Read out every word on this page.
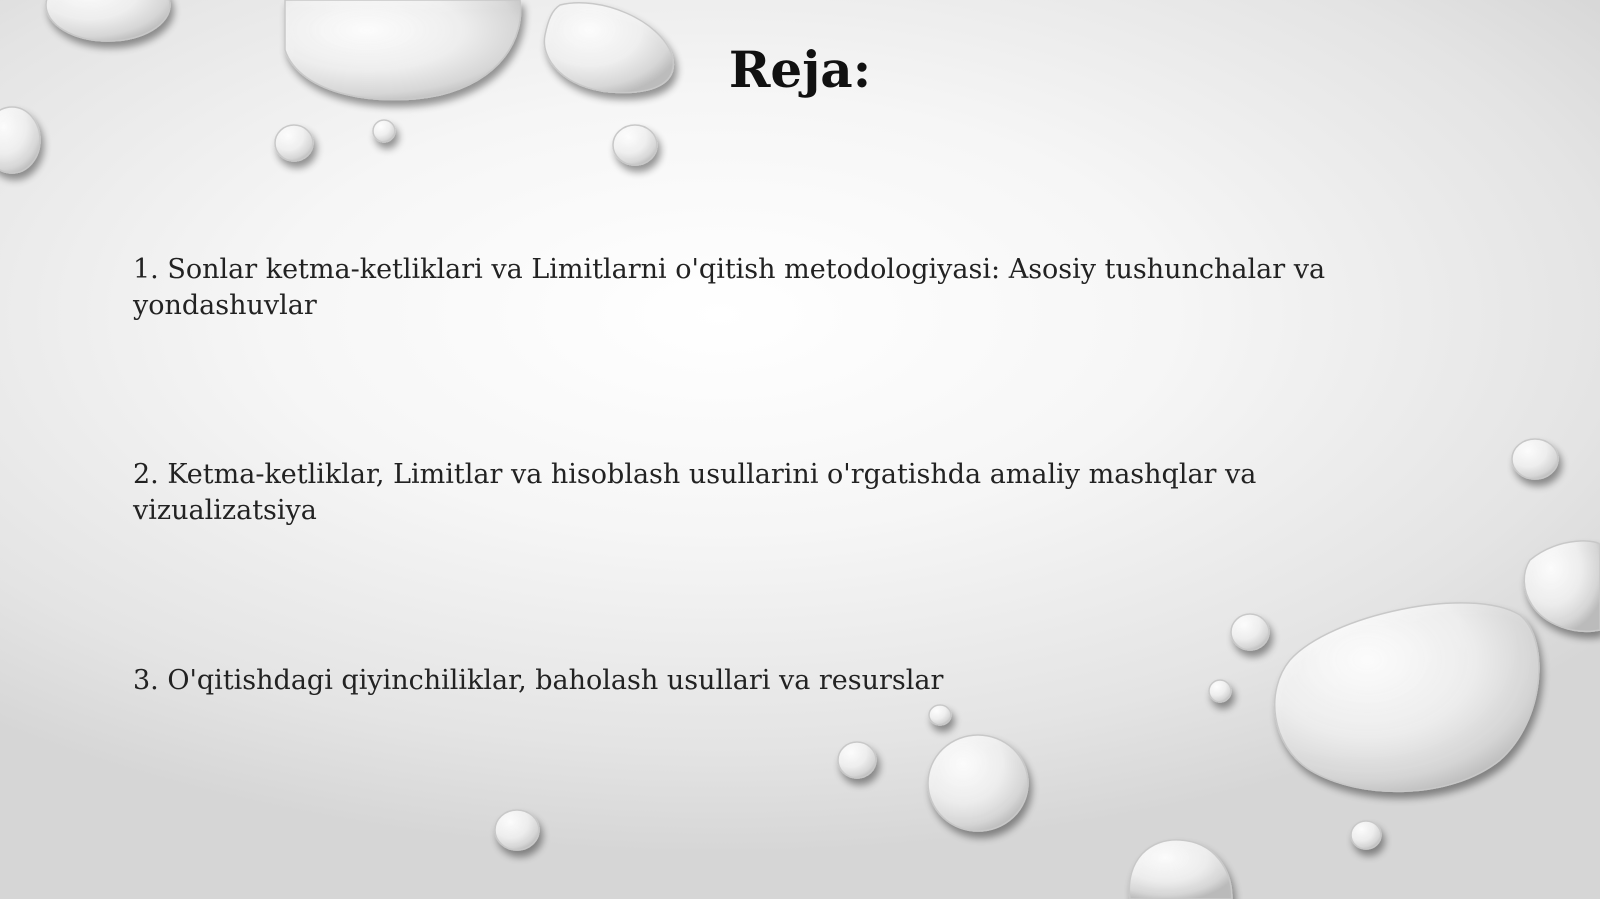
Reja:
1. Sonlar ketma-ketliklari va Limitlarni o'qitish metodologiyasi: Asosiy tushunchalar va yondashuvlar
2. Ketma-ketliklar, Limitlar va hisoblash usullarini o'rgatishda amaliy mashqlar va vizualizatsiya
3. O'qitishdagi qiyinchiliklar, baholash usullari va resurslar
